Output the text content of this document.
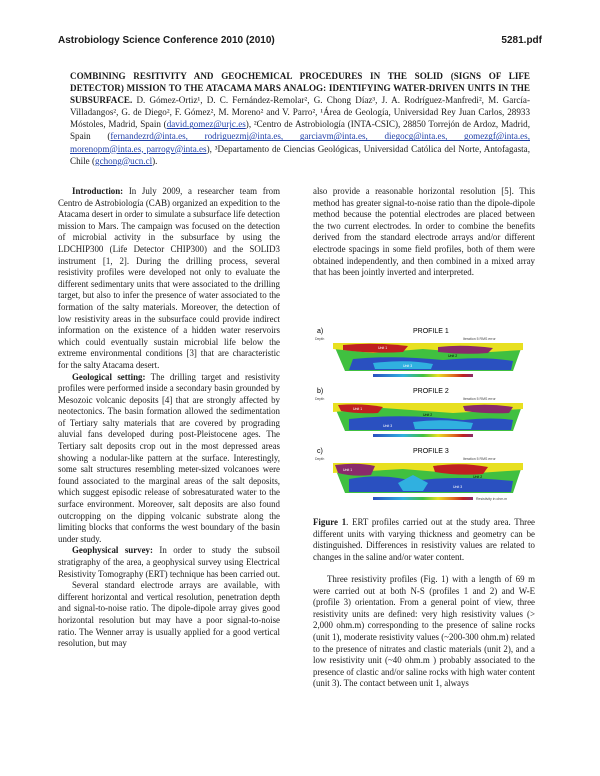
Astrobiology Science Conference 2010 (2010)	5281.pdf
COMBINING RESITIVITY AND GEOCHEMICAL PROCEDURES IN THE SOLID (SIGNS OF LIFE DETECTOR) MISSION TO THE ATACAMA MARS ANALOG: IDENTIFYING WATER-DRIVEN UNITS IN THE SUBSURFACE. D. Gómez-Ortiz¹, D. C. Fernández-Remolar², G. Chong Díaz³, J. A. Rodríguez-Manfredi², M. García-Villadangos², G. de Diego², F. Gómez², M. Moreno² and V. Parro², ¹Área de Geología, Universidad Rey Juan Carlos, 28933 Móstoles, Madrid, Spain (david.gomez@urjc.es), ²Centro de Astrobiología (INTA-CSIC), 28850 Torrejón de Ardoz, Madrid, Spain (fernandezrd@inta.es, rodriguezmj@inta.es, garciavm@inta.es, diegocg@inta.es, gomezgf@inta.es, morenopm@inta.es, parrogv@inta.es), ³Departamento de Ciencias Geológicas, Universidad Católica del Norte, Antofagasta, Chile (gchong@ucn.cl).

Introduction: In July 2009, a researcher team from Centro de Astrobiología (CAB) organized an expedition to the Atacama desert in order to simulate a subsurface life detection mission to Mars. The campaign was focused on the detection of microbial activity in the subsurface by using the LDCHIP300 (Life Detector CHIP300) and the SOLID3 instrument [1, 2]. During the drilling process, several resistivity profiles were developed not only to evaluate the different sedimentary units that were associated to the drilling target, but also to infer the presence of water associated to the formation of the salty materials. Moreover, the detection of low resistivity areas in the subsurface could provide indirect information on the existence of a hidden water reservoirs which could eventually sustain microbial life below the extreme environmental conditions [3] that are characteristic for the salty Atacama desert.

Geological setting: The drilling target and resistivity profiles were performed inside a secondary basin grounded by Mesozoic volcanic deposits [4] that are strongly affected by neotectonics. The basin formation allowed the sedimentation of Tertiary salty materials that are covered by prograding aluvial fans developed during post-Pleistocene ages. The Tertiary salt deposits crop out in the most depressed areas showing a nodular-like pattern at the surface. Interestingly, some salt structures resembling meter-sized volcanoes were found associated to the marginal areas of the salt deposits, which suggest episodic release of sobresaturated water to the surface environment. Moreover, salt deposits are also found outcropping on the dipping volcanic substrate along the limiting blocks that conforms the west boundary of the basin under study.

Geophysical survey: In order to study the subsoil stratigraphy of the area, a geophysical survey using Electrical Resistivity Tomography (ERT) technique has been carried out.

Several standard electrode arrays are available, with different horizontal and vertical resolution, penetration depth and signal-to-noise ratio. The dipole-dipole array gives good horizontal resolution but may have a poor signal-to-noise ratio. The Wenner array is usually applied for a good vertical resolution, but may

also provide a reasonable horizontal resolution [5]. This method has greater signal-to-noise ratio than the dipole-dipole method because the potential electrodes are placed between the two current electrodes. In order to combine the benefits derived from the standard electrode arrays and/or different electrode spacings in some field profiles, both of them were obtained independently, and then combined in a mixed array that has been jointly inverted and interpreted.

a)	PROFILE 1
Depth	Iteration 5 RMS error
Unit 1
Unit 2
Unit 3
b)	PROFILE 2
Depth	Iteration 5 RMS error
Unit 1
Unit 2
Unit 3
c)	PROFILE 3
Depth	Iteration 5 RMS error
Unit 1
Unit 2
Unit 3
Resistivity in ohm.m
Figure 1. ERT profiles carried out at the study area. Three different units with varying thickness and geometry can be distinguished. Differences in resistivity values are related to changes in the saline and/or water content.

Three resistivity profiles (Fig. 1) with a length of 69 m were carried out at both N-S (profiles 1 and 2) and W-E (profile 3) orientation. From a general point of view, three resistivity units are defined: very high resistivity values (> 2,000 ohm.m) corresponding to the presence of saline rocks (unit 1), moderate resistivity values (~200-300 ohm.m) related to the presence of nitrates and clastic materials (unit 2), and a low resistivity unit (~40 ohm.m ) probably associated to the presence of clastic and/or saline rocks with high water content (unit 3). The contact between unit 1, always
